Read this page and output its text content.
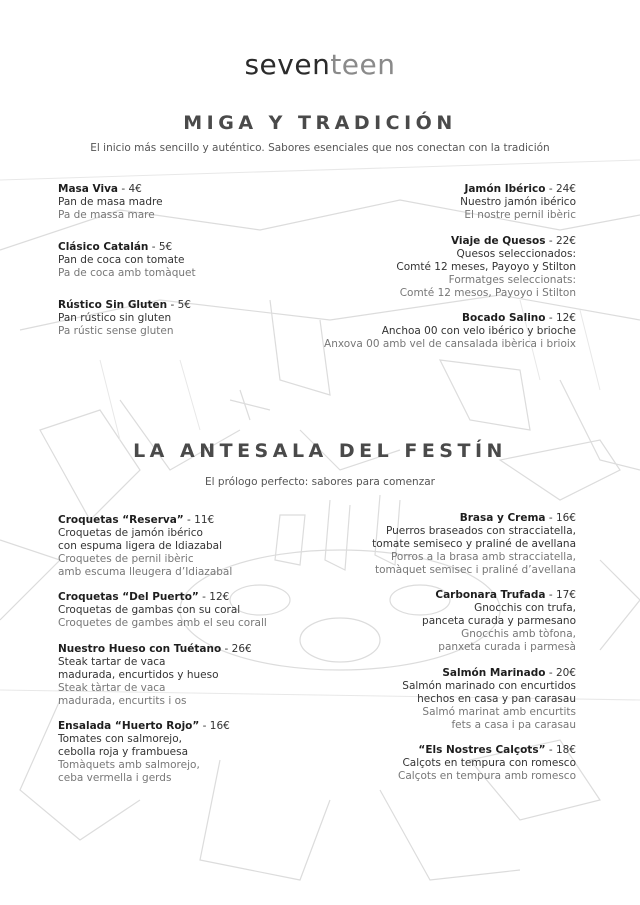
seventeen
MIGA Y TRADICIÓN
El inicio más sencillo y auténtico. Sabores esenciales que nos conectan con la tradición
Masa Viva - 4€
Pan de masa madre
Pa de massa mare
Clásico Catalán - 5€
Pan de coca con tomate
Pa de coca amb tomàquet
Rústico Sin Gluten - 5€
Pan rústico sin gluten
Pa rústic sense gluten
Jamón Ibérico - 24€
Nuestro jamón ibérico
El nostre pernil ibèric
Viaje de Quesos - 22€
Quesos seleccionados:
Comté 12 meses, Payoyo y Stilton
Formatges seleccionats:
Comté 12 mesos, Payoyo i Stilton
Bocado Salino - 12€
Anchoa 00 con velo ibérico y brioche
Anxova 00 amb vel de cansalada ibèrica i brioix
LA ANTESALA DEL FESTÍN
El prólogo perfecto: sabores para comenzar
Croquetas “Reserva” - 11€
Croquetas de jamón ibérico
con espuma ligera de Idiazabal
Croquetes de pernil ibèric
amb escuma lleugera d’Idiazabal
Croquetas “Del Puerto” - 12€
Croquetas de gambas con su coral
Croquetes de gambes amb el seu corall
Nuestro Hueso con Tuétano - 26€
Steak tartar de vaca
madurada, encurtidos y hueso
Steak tàrtar de vaca
madurada, encurtits i os
Ensalada “Huerto Rojo” - 16€
Tomates con salmorejo,
cebolla roja y frambuesa
Tomàquets amb salmorejo,
ceba vermella i gerds
Brasa y Crema - 16€
Puerros braseados con stracciatella,
tomate semiseco y praliné de avellana
Porros a la brasa amb stracciatella,
tomàquet semisec i praliné d’avellana
Carbonara Trufada - 17€
Gnocchis con trufa,
panceta curada y parmesano
Gnocchis amb tòfona,
panxeta curada i parmesà
Salmón Marinado - 20€
Salmón marinado con encurtidos
hechos en casa y pan carasau
Salmó marinat amb encurtits
fets a casa i pa carasau
“Els Nostres Calçots” - 18€
Calçots en tempura con romesco
Calçots en tempura amb romesco
